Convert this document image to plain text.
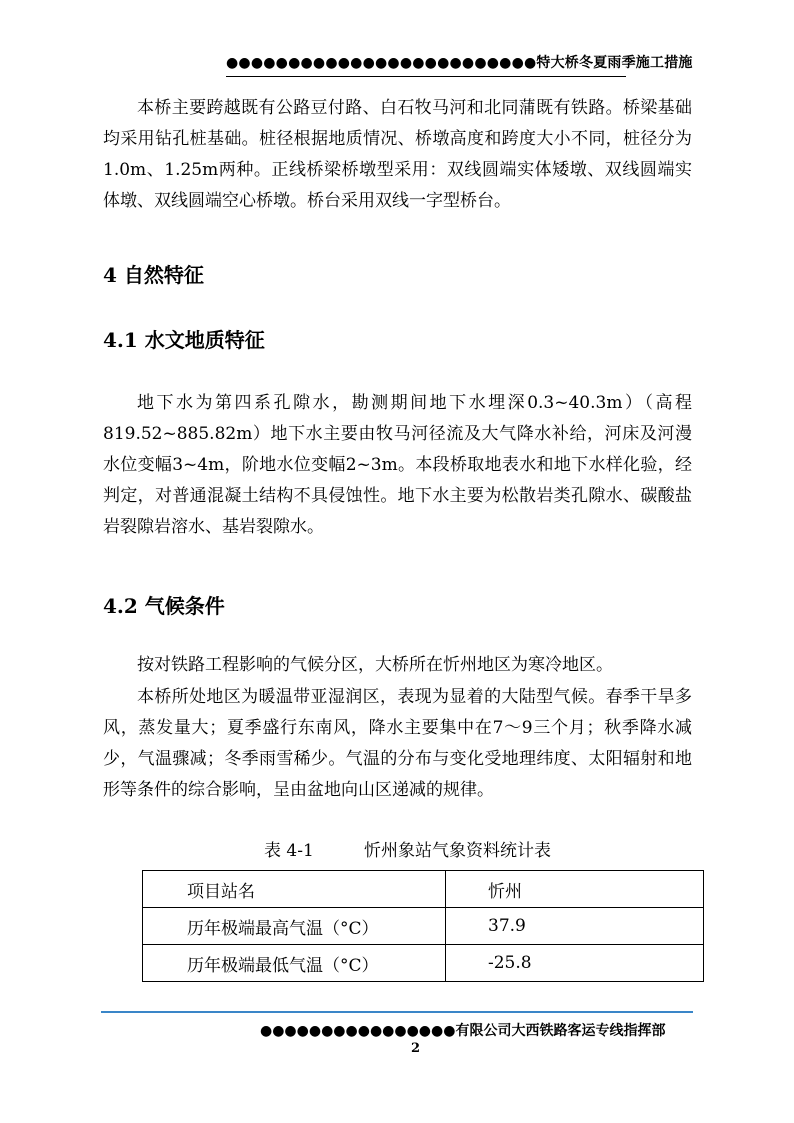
●●●●●●●●●●●●●●●●●●●●●●●●●特大桥冬夏雨季施工措施

本桥主要跨越既有公路豆付路、白石牧马河和北同蒲既有铁路。桥梁基础均采用钻孔桩基础。桩径根据地质情况、桥墩高度和跨度大小不同，桩径分为1.0m、1.25m两种。正线桥梁桥墩型采用：双线圆端实体矮墩、双线圆端实体墩、双线圆端空心桥墩。桥台采用双线一字型桥台。

4 自然特征
4.1 水文地质特征

地下水为第四系孔隙水，勘测期间地下水埋深0.3~40.3m）（高程819.52~885.82m）地下水主要由牧马河径流及大气降水补给，河床及河漫水位变幅3~4m，阶地水位变幅2~3m。本段桥取地表水和地下水样化验，经判定，对普通混凝土结构不具侵蚀性。地下水主要为松散岩类孔隙水、碳酸盐岩裂隙岩溶水、基岩裂隙水。

4.2 气候条件

按对铁路工程影响的气候分区，大桥所在忻州地区为寒冷地区。

本桥所处地区为暖温带亚湿润区，表现为显着的大陆型气候。春季干旱多风，蒸发量大；夏季盛行东南风，降水主要集中在7～9三个月；秋季降水减少，气温骤减；冬季雨雪稀少。气温的分布与变化受地理纬度、太阳辐射和地形等条件的综合影响，呈由盆地向山区递减的规律。

表 4-1	忻州象站气象资料统计表
项目站名	忻州
历年极端最高气温（°C）	37.9
历年极端最低气温（°C）	-25.8
●●●●●●●●●●●●●●●●有限公司大西铁路客运专线指挥部
2
